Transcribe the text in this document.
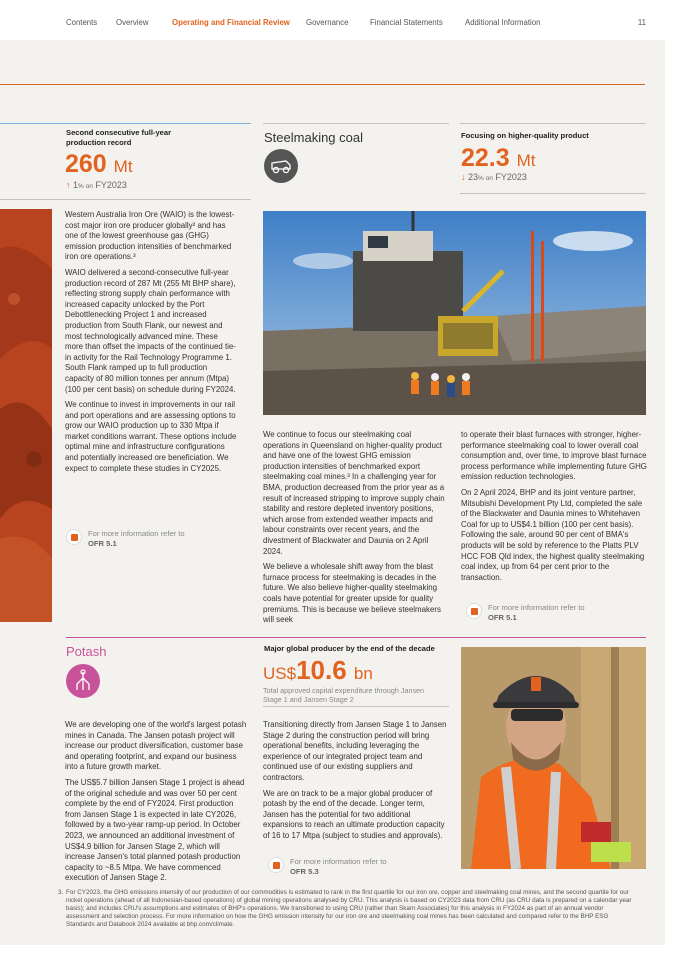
Contents Overview	Operating and Financial Review Governance	Financial Statements	Additional Information	11
Second consecutive full-year production record
260 Mt
↑ 1% on FY2023

Western Australia Iron Ore (WAIO) is the lowest-cost major iron ore producer globally² and has one of the lowest greenhouse gas (GHG) emission production intensities of benchmarked iron ore operations.³

WAIO delivered a second-consecutive full-year production record of 287 Mt (255 Mt BHP share), reflecting strong supply chain performance with increased capacity unlocked by the Port Debottlenecking Project 1 and increased production from South Flank, our newest and most technologically advanced mine. These more than offset the impacts of the continued tie-in activity for the Rail Technology Programme 1. South Flank ramped up to full production capacity of 80 million tonnes per annum (Mtpa) (100 per cent basis) on schedule during FY2024.

We continue to invest in improvements in our rail and port operations and are assessing options to grow our WAIO production up to 330 Mtpa if market conditions warrant. These options include optimal mine and infrastructure configurations and potentially increased ore beneficiation. We expect to complete these studies in CY2025.

For more information refer to
OFR 5.1
Steelmaking coal	Focusing on higher-quality product
22.3 Mt
↓ 23% on FY2023

We continue to focus our steelmaking coal operations in Queensland on higher-quality product and have one of the lowest GHG emission production intensities of benchmarked export steelmaking coal mines.³ In a challenging year for BMA, production decreased from the prior year as a result of increased stripping to improve supply chain stability and restore depleted inventory positions, which arose from extended weather impacts and labour constraints over recent years, and the divestment of Blackwater and Daunia on 2 April 2024.

We believe a wholesale shift away from the blast furnace process for steelmaking is decades in the future. We also believe higher-quality steelmaking coals have potential for greater upside for quality premiums. This is because we believe steelmakers will seek

to operate their blast furnaces with stronger, higher-performance steelmaking coal to lower overall coal consumption and, over time, to improve blast furnace process performance while implementing future GHG emission reduction technologies.

On 2 April 2024, BHP and its joint venture partner, Mitsubishi Development Pty Ltd, completed the sale of the Blackwater and Daunia mines to Whitehaven Coal for up to US$4.1 billion (100 per cent basis). Following the sale, around 90 per cent of BMA's products will be sold by reference to the Platts PLV HCC FOB Qld index, the highest quality steelmaking coal index, up from 64 per cent prior to the transaction.

For more information refer to
OFR 5.1
Potash	Major global producer by the end of the decade
US$10.6 bn
Total approved capital expenditure through Jansen Stage 1 and Jansen Stage 2

We are developing one of the world's largest potash mines in Canada. The Jansen potash project will increase our product diversification, customer base and operating footprint, and expand our business into a future growth market.

The US$5.7 billion Jansen Stage 1 project is ahead of the original schedule and was over 50 per cent complete by the end of FY2024. First production from Jansen Stage 1 is expected in late CY2026, followed by a two-year ramp-up period. In October 2023, we announced an additional investment of US$4.9 billion for Jansen Stage 2, which will increase Jansen's total planned potash production capacity to ~8.5 Mtpa. We have commenced execution of Jansen Stage 2.

Transitioning directly from Jansen Stage 1 to Jansen Stage 2 during the construction period will bring operational benefits, including leveraging the experience of our integrated project team and continued use of our existing suppliers and contractors.

We are on track to be a major global producer of potash by the end of the decade. Longer term, Jansen has the potential for two additional expansions to reach an ultimate production capacity of 16 to 17 Mtpa (subject to studies and approvals).

For more information refer to
OFR 5.3
3. For CY2023, the GHG emissions intensity of our production of our commodities is estimated to rank in the first quartile for our iron ore, copper and steelmaking coal mines, and the second quartile for our nickel operations (ahead of all Indonesian-based operations) of global mining operations analysed by CRU. This analysis is based on CY2023 data from CRU (as CRU data is prepared on a calendar year basis); and includes CRU's assumptions and estimates of BHP's operations. We transitioned to using CRU (rather than Skarn Associates) for this analysis in FY2024 as part of an annual vendor assessment and selection process. For more information on how the GHG emission intensity for our iron ore and steelmaking coal mines has been calculated and compared refer to the BHP ESG Standards and Databook 2024 available at bhp.com/climate.
